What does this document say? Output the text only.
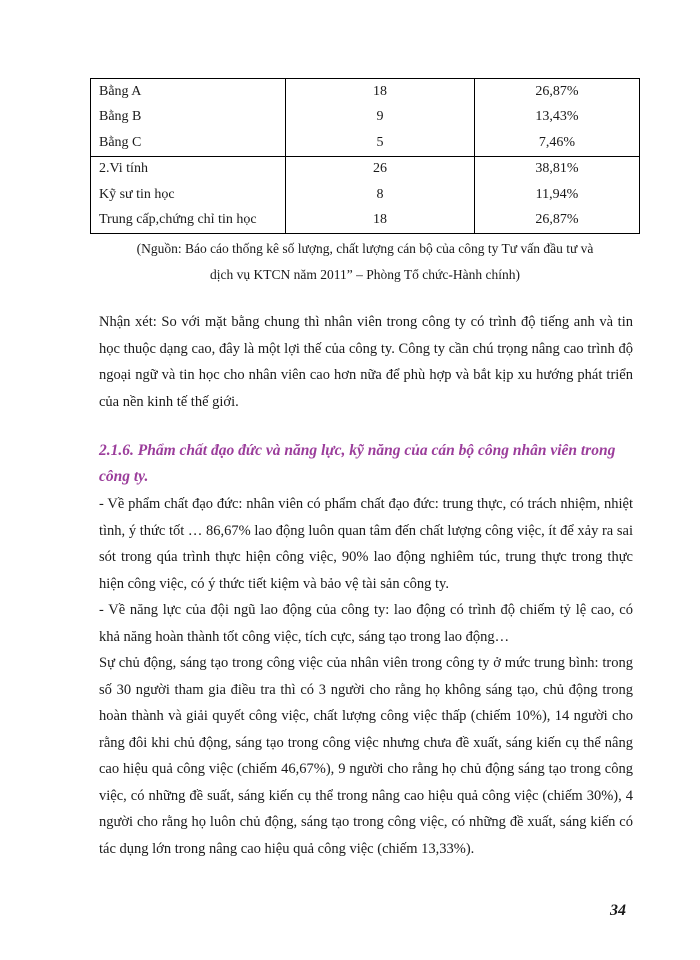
Bằng A	18	26,87%
Bằng B	9	13,43%
Bằng C	5	7,46%
2.Vi tính	26	38,81%
Kỹ sư tin học	8	11,94%
Trung cấp,chứng chỉ tin học	18	26,87%
(Nguồn: Báo cáo thống kê số lượng, chất lượng cán bộ của công ty Tư vấn đầu tư và
dịch vụ KTCN năm 2011” – Phòng Tổ chức-Hành chính)

Nhận xét: So với mặt bằng chung thì nhân viên trong công ty có trình độ tiếng anh và tin học thuộc dạng cao, đây là một lợi thế của công ty. Công ty cần chú trọng nâng cao trình độ ngoại ngữ và tin học cho nhân viên cao hơn nữa để phù hợp và bắt kịp xu hướng phát triển của nền kinh tế thế giới.

2.1.6. Phẩm chất đạo đức và năng lực, kỹ năng của cán bộ công nhân viên trong công ty.

- Về phẩm chất đạo đức: nhân viên có phẩm chất đạo đức: trung thực, có trách nhiệm, nhiệt tình, ý thức tốt … 86,67% lao động luôn quan tâm đến chất lượng công việc, ít để xảy ra sai sót trong qúa trình thực hiện công việc, 90% lao động nghiêm túc, trung thực trong thực hiện công việc, có ý thức tiết kiệm và bảo vệ tài sản công ty.

- Về năng lực của đội ngũ lao động của công ty: lao động có trình độ chiếm tỷ lệ cao, có khả năng hoàn thành tốt công việc, tích cực, sáng tạo trong lao động…

Sự chủ động, sáng tạo trong công việc của nhân viên trong công ty ở mức trung bình: trong số 30 người tham gia điều tra thì có 3 người cho rằng họ không sáng tạo, chủ động trong hoàn thành và giải quyết công việc, chất lượng công việc thấp (chiếm 10%), 14 người cho rằng đôi khi chủ động, sáng tạo trong công việc nhưng chưa đề xuất, sáng kiến cụ thể nâng cao hiệu quả công việc (chiếm 46,67%), 9 người cho rằng họ chủ động sáng tạo trong công việc, có những đề suất, sáng kiến cụ thể trong nâng cao hiệu quả công việc (chiếm 30%), 4 người cho rằng họ luôn chủ động, sáng tạo trong công việc, có những đề xuất, sáng kiến có tác dụng lớn trong nâng cao hiệu quả công việc (chiếm 13,33%).

34
